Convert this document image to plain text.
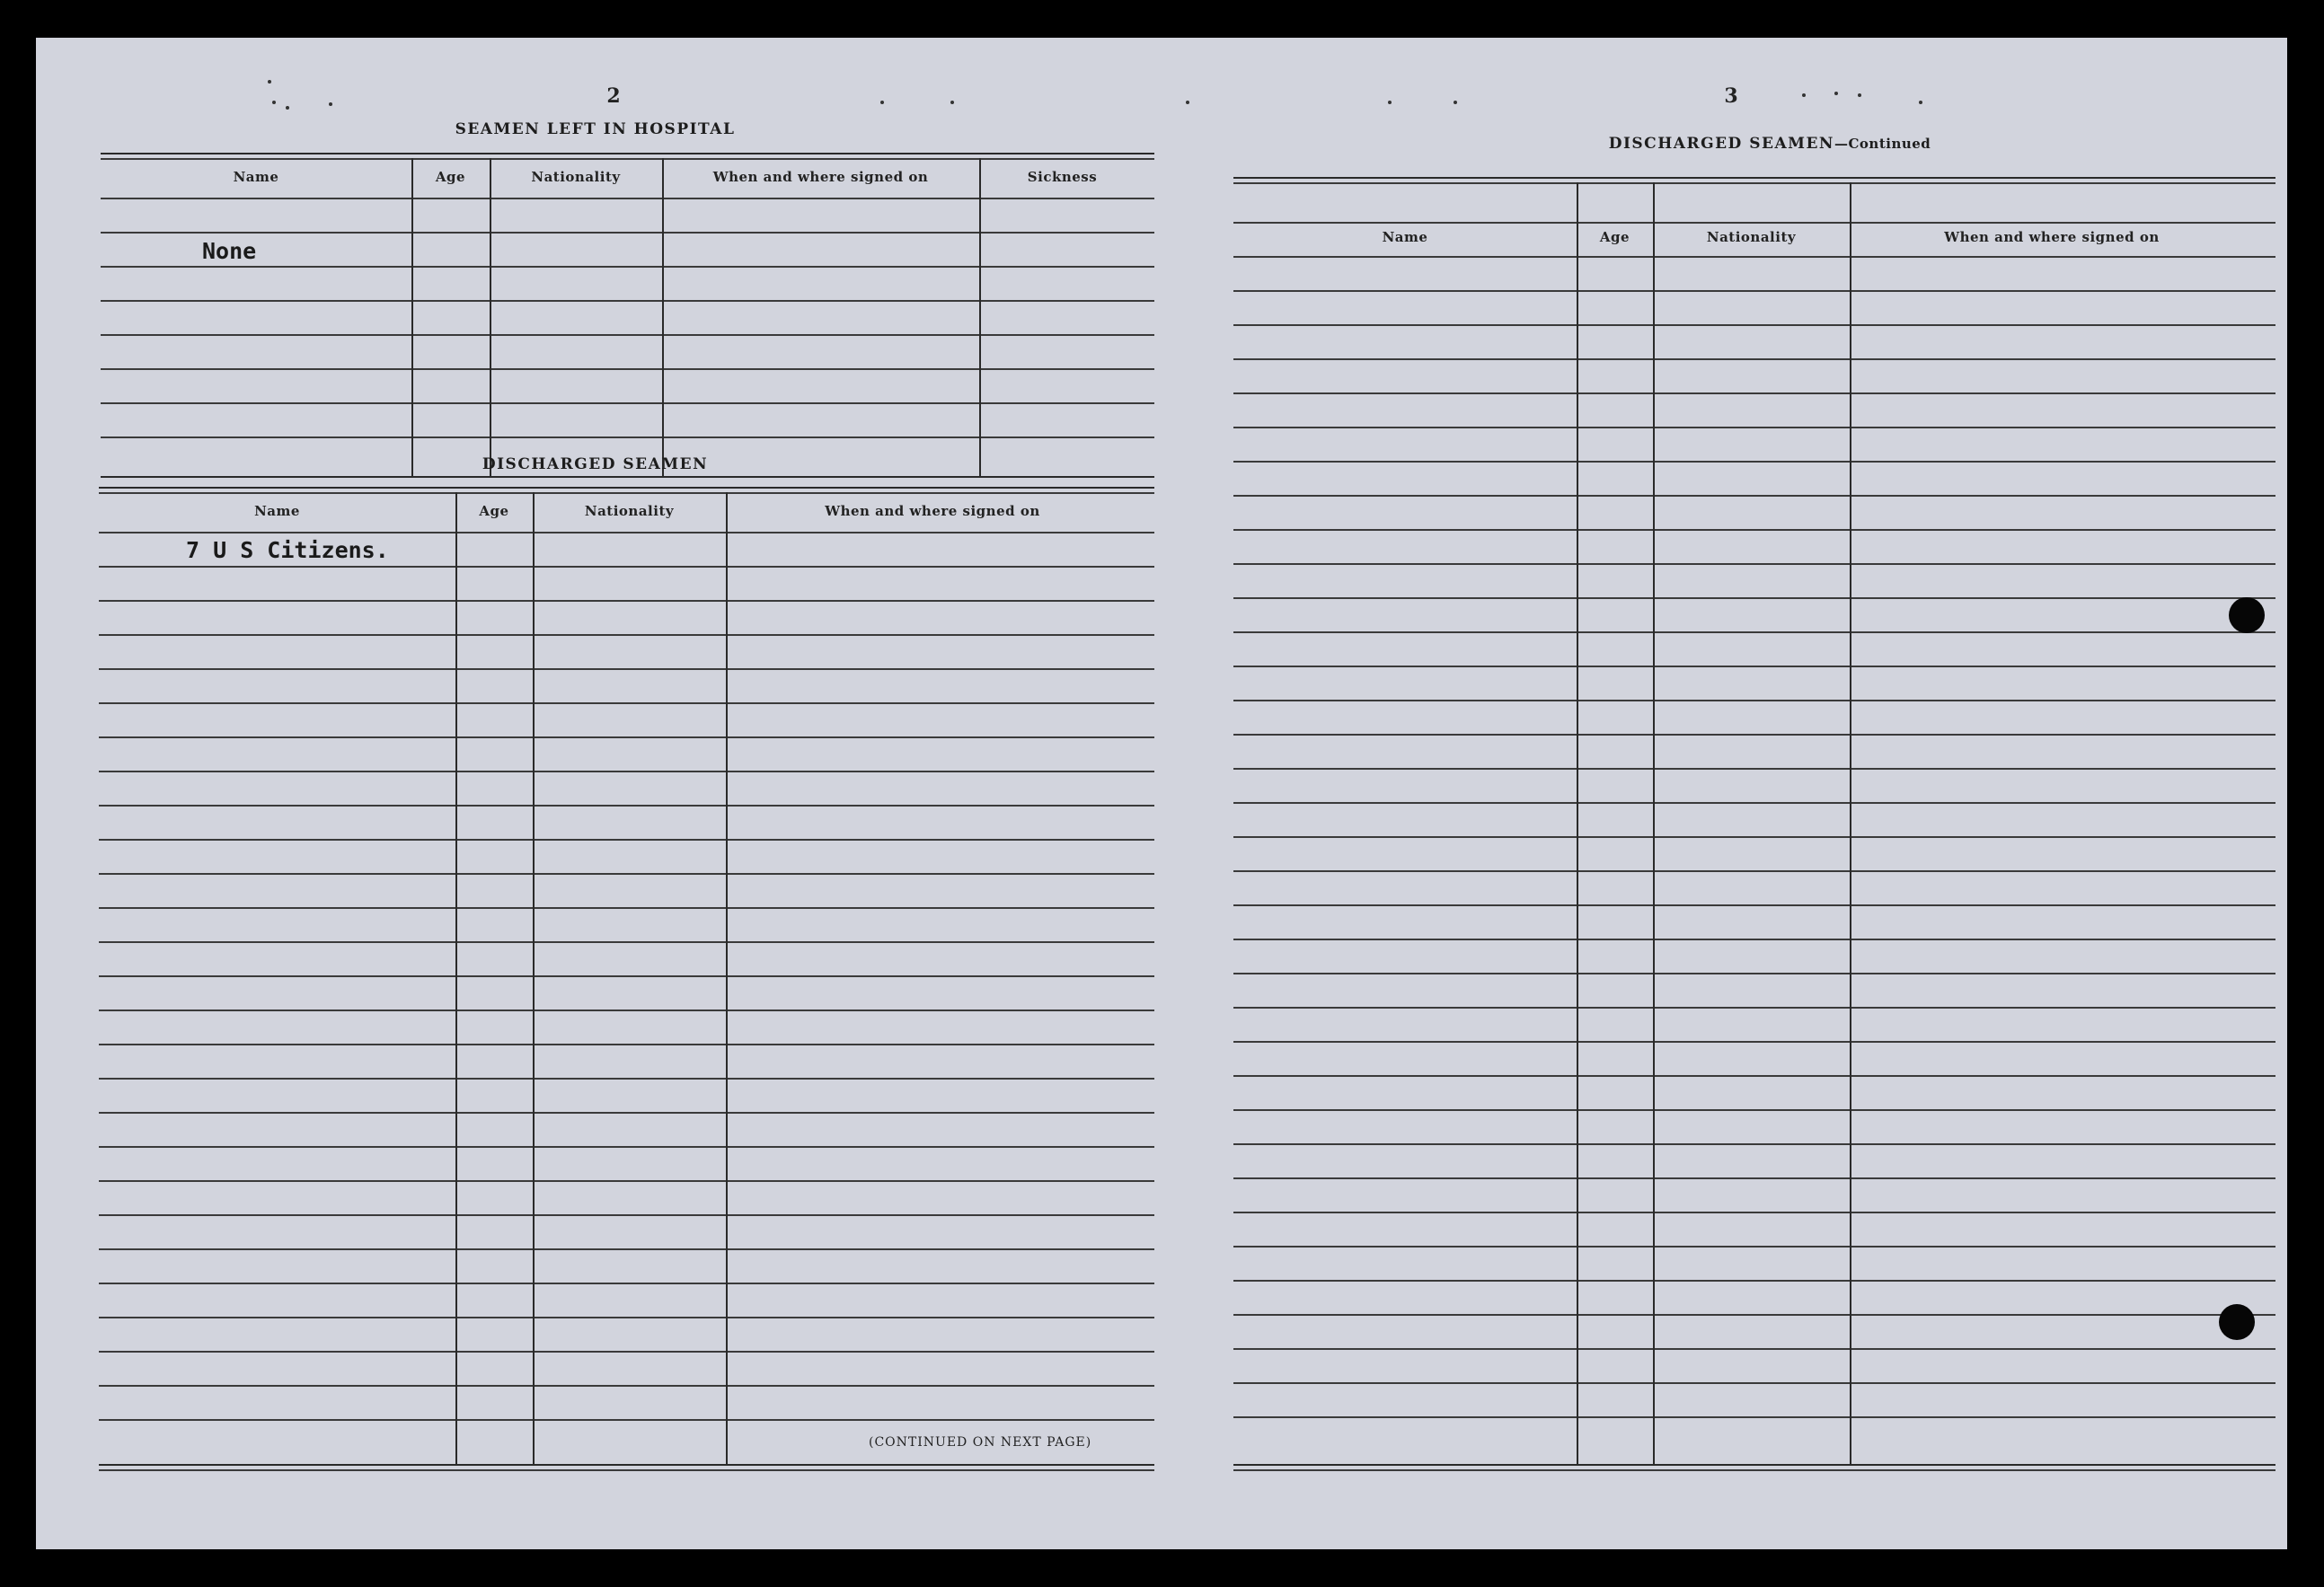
2
SEAMEN LEFT IN HOSPITAL
Name	Age	Nationality	When and where signed on	Sickness
None
DISCHARGED SEAMEN
Name	Age	Nationality	When and where signed on
7 U S Citizens.
(CONTINUED ON NEXT PAGE)
3
DISCHARGED SEAMEN—Continued
Name	Age	Nationality	When and where signed on
